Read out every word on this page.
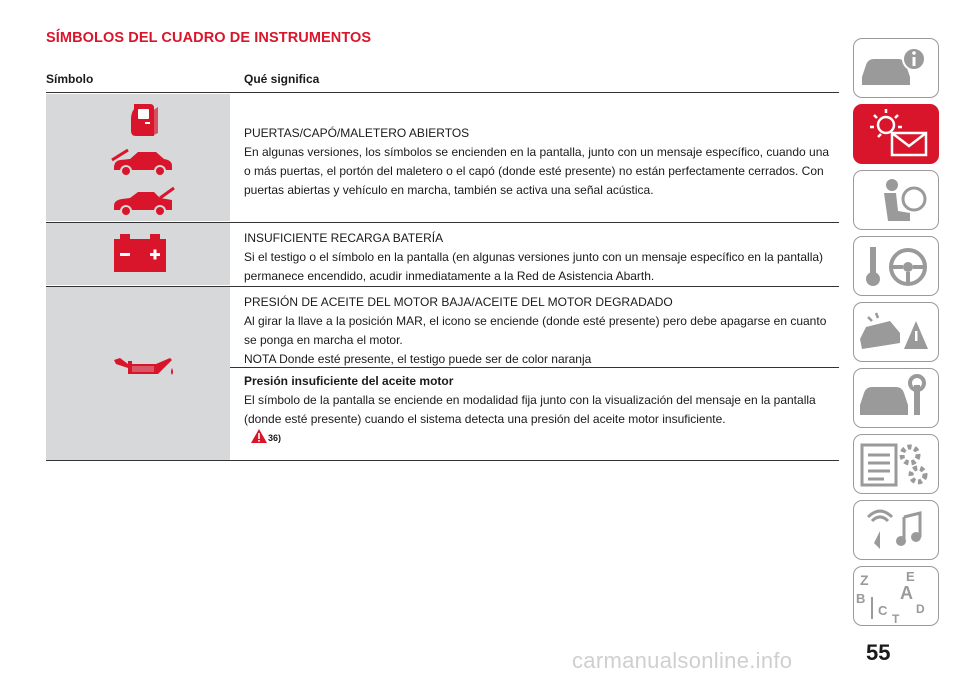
SÍMBOLOS DEL CUADRO DE INSTRUMENTOS
Símbolo	Qué significa

PUERTAS/CAPÓ/MALETERO ABIERTOS

En algunas versiones, los símbolos se encienden en la pantalla, junto con un mensaje específico, cuando una o más puertas, el portón del maletero o el capó (donde esté presente) no están perfectamente cerrados. Con puertas abiertas y vehículo en marcha, también se activa una señal acústica.

INSUFICIENTE RECARGA BATERÍA

Si el testigo o el símbolo en la pantalla (en algunas versiones junto con un mensaje específico en la pantalla) permanece encendido, acudir inmediatamente a la Red de Asistencia Abarth.

PRESIÓN DE ACEITE DEL MOTOR BAJA/ACEITE DEL MOTOR DEGRADADO

Al girar la llave a la posición MAR, el icono se enciende (donde esté presente) pero debe apagarse en cuanto se ponga en marcha el motor.

NOTA Donde esté presente, el testigo puede ser de color naranja

Presión insuficiente del aceite motor

El símbolo de la pantalla se enciende en modalidad fija junto con la visualización del mensaje en la pantalla (donde esté presente) cuando el sistema detecta una presión del aceite motor insuficiente.

36)
Z	E
B A
C D
T
55
carmanualsonline.info
